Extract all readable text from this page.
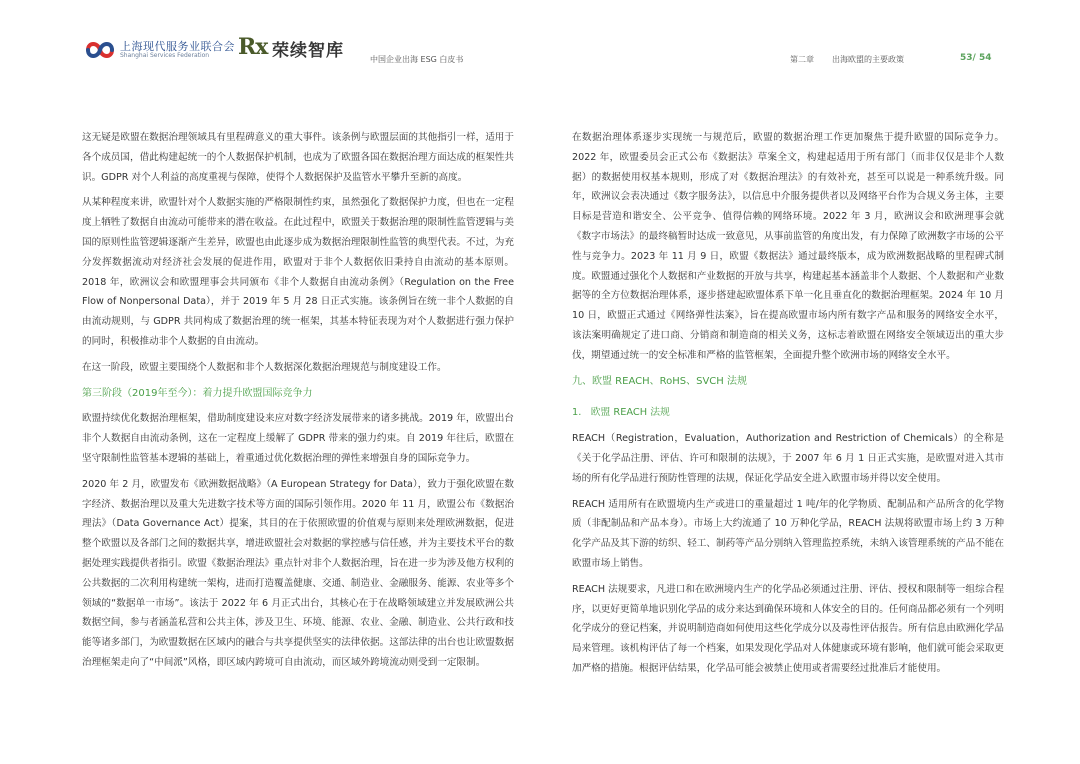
上海现代服务业联合会
Shanghai Services Federation Rx 荣续智库	中国企业出海 ESG 白皮书	第二章 出海欧盟的主要政策	53/ 54

这无疑是欧盟在数据治理领域具有里程碑意义的重大事件。该条例与欧盟层面的其他指引一样，适用于各个成员国，借此构建起统一的个人数据保护机制，也成为了欧盟各国在数据治理方面达成的框架性共识。GDPR 对个人利益的高度重视与保障，使得个人数据保护及监管水平攀升至新的高度。

从某种程度来讲，欧盟针对个人数据实施的严格限制性约束，虽然强化了数据保护力度，但也在一定程度上牺牲了数据自由流动可能带来的潜在收益。在此过程中，欧盟关于数据治理的限制性监管逻辑与美国的原则性监管逻辑逐渐产生差异，欧盟也由此逐步成为数据治理限制性监管的典型代表。不过，为充分发挥数据流动对经济社会发展的促进作用，欧盟对于非个人数据依旧秉持自由流动的基本原则。2018 年，欧洲议会和欧盟理事会共同颁布《非个人数据自由流动条例》（Regulation on the Free Flow of Nonpersonal Data），并于 2019 年 5 月 28 日正式实施。该条例旨在统一非个人数据的自由流动规则，与 GDPR 共同构成了数据治理的统一框架，其基本特征表现为对个人数据进行强力保护的同时，积极推动非个人数据的自由流动。

在这一阶段，欧盟主要围绕个人数据和非个人数据深化数据治理规范与制度建设工作。

第三阶段（2019年至今）：着力提升欧盟国际竞争力

欧盟持续优化数据治理框架，借助制度建设来应对数字经济发展带来的诸多挑战。2019 年，欧盟出台非个人数据自由流动条例，这在一定程度上缓解了 GDPR 带来的强力约束。自 2019 年往后，欧盟在坚守限制性监管基本逻辑的基础上，着重通过优化数据治理的弹性来增强自身的国际竞争力。

2020 年 2 月，欧盟发布《欧洲数据战略》（A European Strategy for Data），致力于强化欧盟在数字经济、数据治理以及重大先进数字技术等方面的国际引领作用。2020 年 11 月，欧盟公布《数据治理法》（Data Governance Act）提案，其目的在于依照欧盟的价值观与原则来处理欧洲数据，促进整个欧盟以及各部门之间的数据共享，增进欧盟社会对数据的掌控感与信任感，并为主要技术平台的数据处理实践提供者指引。欧盟《数据治理法》重点针对非个人数据治理，旨在进一步为涉及他方权利的公共数据的二次利用构建统一架构，进而打造覆盖健康、交通、制造业、金融服务、能源、农业等多个领域的“数据单一市场”。该法于 2022 年 6 月正式出台，其核心在于在战略领域建立并发展欧洲公共数据空间，参与者涵盖私营和公共主体，涉及卫生、环境、能源、农业、金融、制造业、公共行政和技能等诸多部门，为欧盟数据在区域内的融合与共享提供坚实的法律依据。这部法律的出台也让欧盟数据治理框架走向了“中间派”风格，即区域内跨境可自由流动，而区域外跨境流动则受到一定限制。

在数据治理体系逐步实现统一与规范后，欧盟的数据治理工作更加聚焦于提升欧盟的国际竞争力。2022 年，欧盟委员会正式公布《数据法》草案全文，构建起适用于所有部门（而非仅仅是非个人数据）的数据使用权基本规则，形成了对《数据治理法》的有效补充，甚至可以说是一种系统升级。同年，欧洲议会表决通过《数字服务法》，以信息中介服务提供者以及网络平台作为合规义务主体，主要目标是营造和谐安全、公平竞争、值得信赖的网络环境。2022 年 3 月，欧洲议会和欧洲理事会就《数字市场法》的最终稿暂时达成一致意见，从事前监管的角度出发，有力保障了欧洲数字市场的公平性与竞争力。2023 年 11 月 9 日，欧盟《数据法》通过最终版本，成为欧洲数据战略的里程碑式制度。欧盟通过强化个人数据和产业数据的开放与共享，构建起基本涵盖非个人数据、个人数据和产业数据等的全方位数据治理体系，逐步搭建起欧盟体系下单一化且垂直化的数据治理框架。2024 年 10 月 10 日，欧盟正式通过《网络弹性法案》，旨在提高欧盟市场内所有数字产品和服务的网络安全水平，该法案明确规定了进口商、分销商和制造商的相关义务，这标志着欧盟在网络安全领域迈出的重大步伐，期望通过统一的安全标准和严格的监管框架，全面提升整个欧洲市场的网络安全水平。

九、欧盟 REACH、RoHS、SVCH 法规
1.   欧盟 REACH 法规

REACH（Registration，Evaluation，Authorization and Restriction of Chemicals）的全称是《关于化学品注册、评估、许可和限制的法规》，于 2007 年 6 月 1 日正式实施，是欧盟对进入其市场的所有化学品进行预防性管理的法规，保证化学品安全进入欧盟市场并得以安全使用。

REACH 适用所有在欧盟境内生产或进口的重量超过 1 吨/年的化学物质、配制品和产品所含的化学物质（非配制品和产品本身）。市场上大约流通了 10 万种化学品，REACH 法规将欧盟市场上约 3 万种化学产品及其下游的纺织、轻工、制药等产品分别纳入管理监控系统，未纳入该管理系统的产品不能在欧盟市场上销售。

REACH 法规要求，凡进口和在欧洲境内生产的化学品必须通过注册、评估、授权和限制等一组综合程序，以更好更简单地识别化学品的成分来达到确保环境和人体安全的目的。任何商品都必须有一个列明化学成分的登记档案，并说明制造商如何使用这些化学成分以及毒性评估报告。所有信息由欧洲化学品局来管理。该机构评估了每一个档案，如果发现化学品对人体健康或环境有影响，他们就可能会采取更加严格的措施。根据评估结果，化学品可能会被禁止使用或者需要经过批准后才能使用。
